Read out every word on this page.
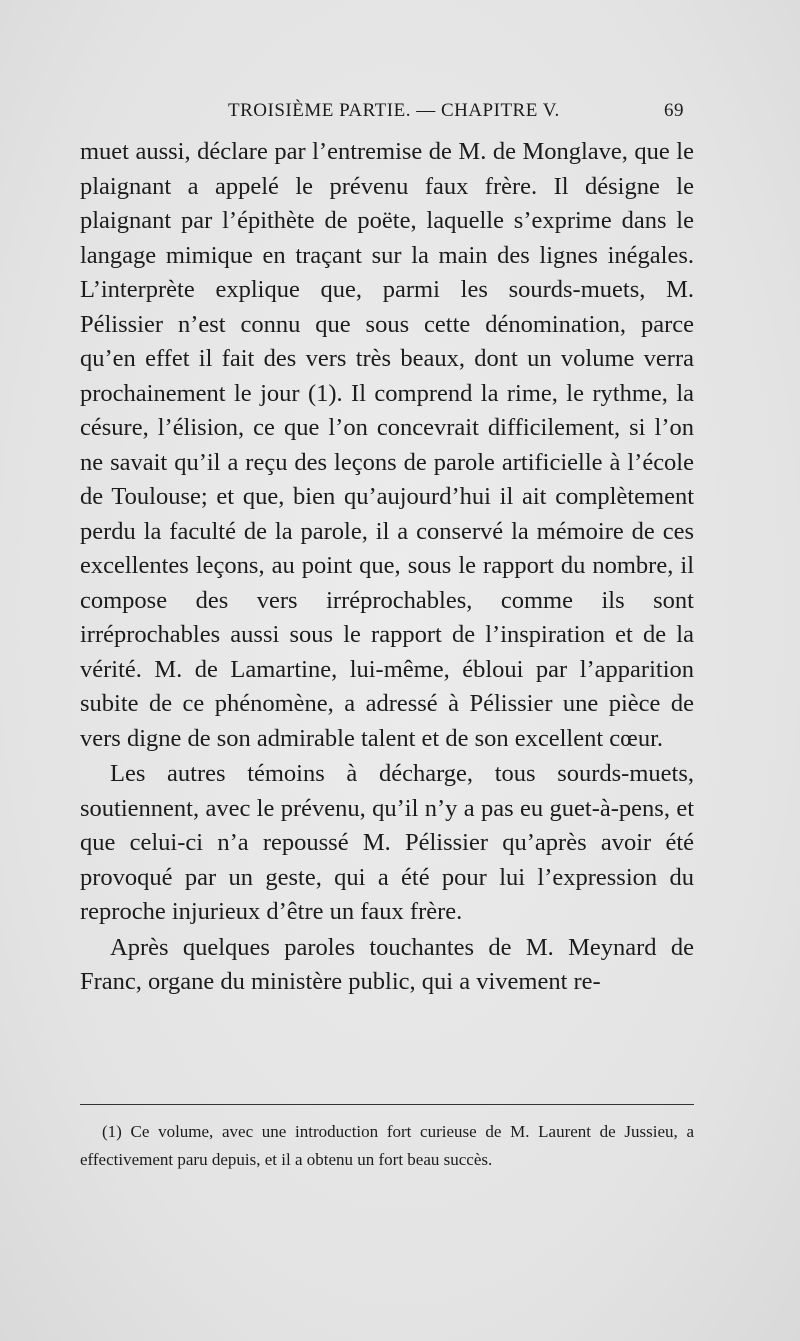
TROISIÈME PARTIE. — CHAPITRE V.	69

muet aussi, déclare par l’entremise de M. de Monglave, que le plaignant a appelé le prévenu faux frère. Il désigne le plaignant par l’épithète de poëte, laquelle s’exprime dans le langage mimique en traçant sur la main des lignes inégales. L’interprète explique que, parmi les sourds-muets, M. Pélissier n’est connu que sous cette dénomination, parce qu’en effet il fait des vers très beaux, dont un volume verra prochainement le jour (1). Il comprend la rime, le rythme, la césure, l’élision, ce que l’on concevrait difficilement, si l’on ne savait qu’il a reçu des leçons de parole artificielle à l’école de Toulouse; et que, bien qu’aujourd’hui il ait complètement perdu la faculté de la parole, il a conservé la mémoire de ces excellentes leçons, au point que, sous le rapport du nombre, il compose des vers irréprochables, comme ils sont irréprochables aussi sous le rapport de l’inspiration et de la vérité. M. de Lamartine, lui-même, ébloui par l’apparition subite de ce phénomène, a adressé à Pélissier une pièce de vers digne de son admirable talent et de son excellent cœur.

Les autres témoins à décharge, tous sourds-muets, soutiennent, avec le prévenu, qu’il n’y a pas eu guet-à-pens, et que celui-ci n’a repoussé M. Pélissier qu’après avoir été provoqué par un geste, qui a été pour lui l’expression du reproche injurieux d’être un faux frère.

Après quelques paroles touchantes de M. Meynard de Franc, organe du ministère public, qui a vivement re-

(1) Ce volume, avec une introduction fort curieuse de M. Laurent de Jussieu, a effectivement paru depuis, et il a obtenu un fort beau succès.
